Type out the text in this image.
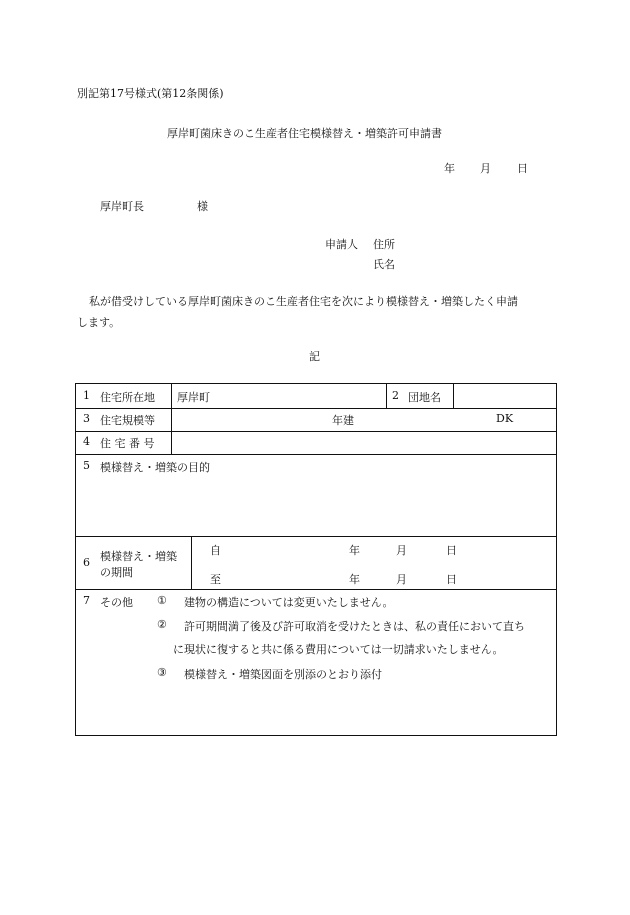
別記第17号様式(第12条関係)
厚岸町菌床きのこ生産者住宅模様替え・増築許可申請書
年 月 日
厚岸町長	様
申請人 住所
氏名
私が借受けしている厚岸町菌床きのこ生産者住宅を次により模様替え・増築したく申請
します。
記
1 住宅所在地 厚岸町	2 団地名
3 住宅規模等	年建	DK
4 住 宅 番 号
5 模様替え・増築の目的
6 模様替え・増築
の期間
自	年	月	日
至	年	月	日
7 その他 ① 建物の構造については変更いたしません。
② 許可期間満了後及び許可取消を受けたときは、私の責任において直ち
に現状に復すると共に係る費用については一切請求いたしません。
③ 模様替え・増築図面を別添のとおり添付
